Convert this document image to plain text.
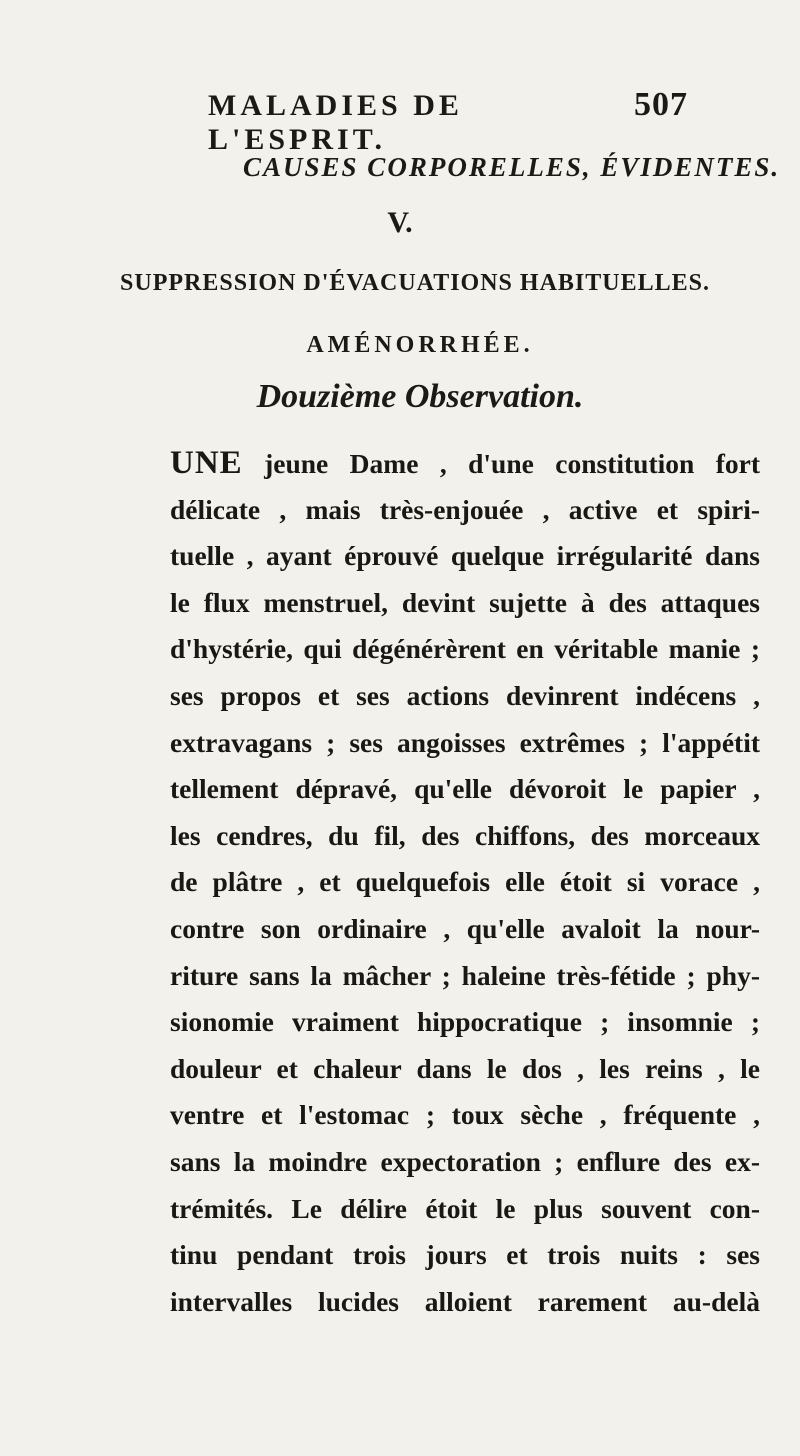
MALADIES DE L'ESPRIT.
507
CAUSES CORPORELLES, ÉVIDENTES.
V.
SUPPRESSION D'ÉVACUATIONS HABITUELLES.
AMÉNORRHÉE.
Douzième Observation.
UNE jeune Dame , d'une constitution fort
délicate , mais très-enjouée , active et spiri-
tuelle , ayant éprouvé quelque irrégularité dans
le flux menstruel, devint sujette à des attaques
d'hystérie, qui dégénérèrent en véritable manie ;
ses propos et ses actions devinrent indécens ,
extravagans ; ses angoisses extrêmes ; l'appétit
tellement dépravé, qu'elle dévoroit le papier ,
les cendres, du fil, des chiffons, des morceaux
de plâtre , et quelquefois elle étoit si vorace ,
contre son ordinaire , qu'elle avaloit la nour-
riture sans la mâcher ; haleine très-fétide ; phy-
sionomie vraiment hippocratique ; insomnie ;
douleur et chaleur dans le dos , les reins , le
ventre et l'estomac ; toux sèche , fréquente ,
sans la moindre expectoration ; enflure des ex-
trémités. Le délire étoit le plus souvent con-
tinu pendant trois jours et trois nuits : ses
intervalles lucides alloient rarement au-delà
